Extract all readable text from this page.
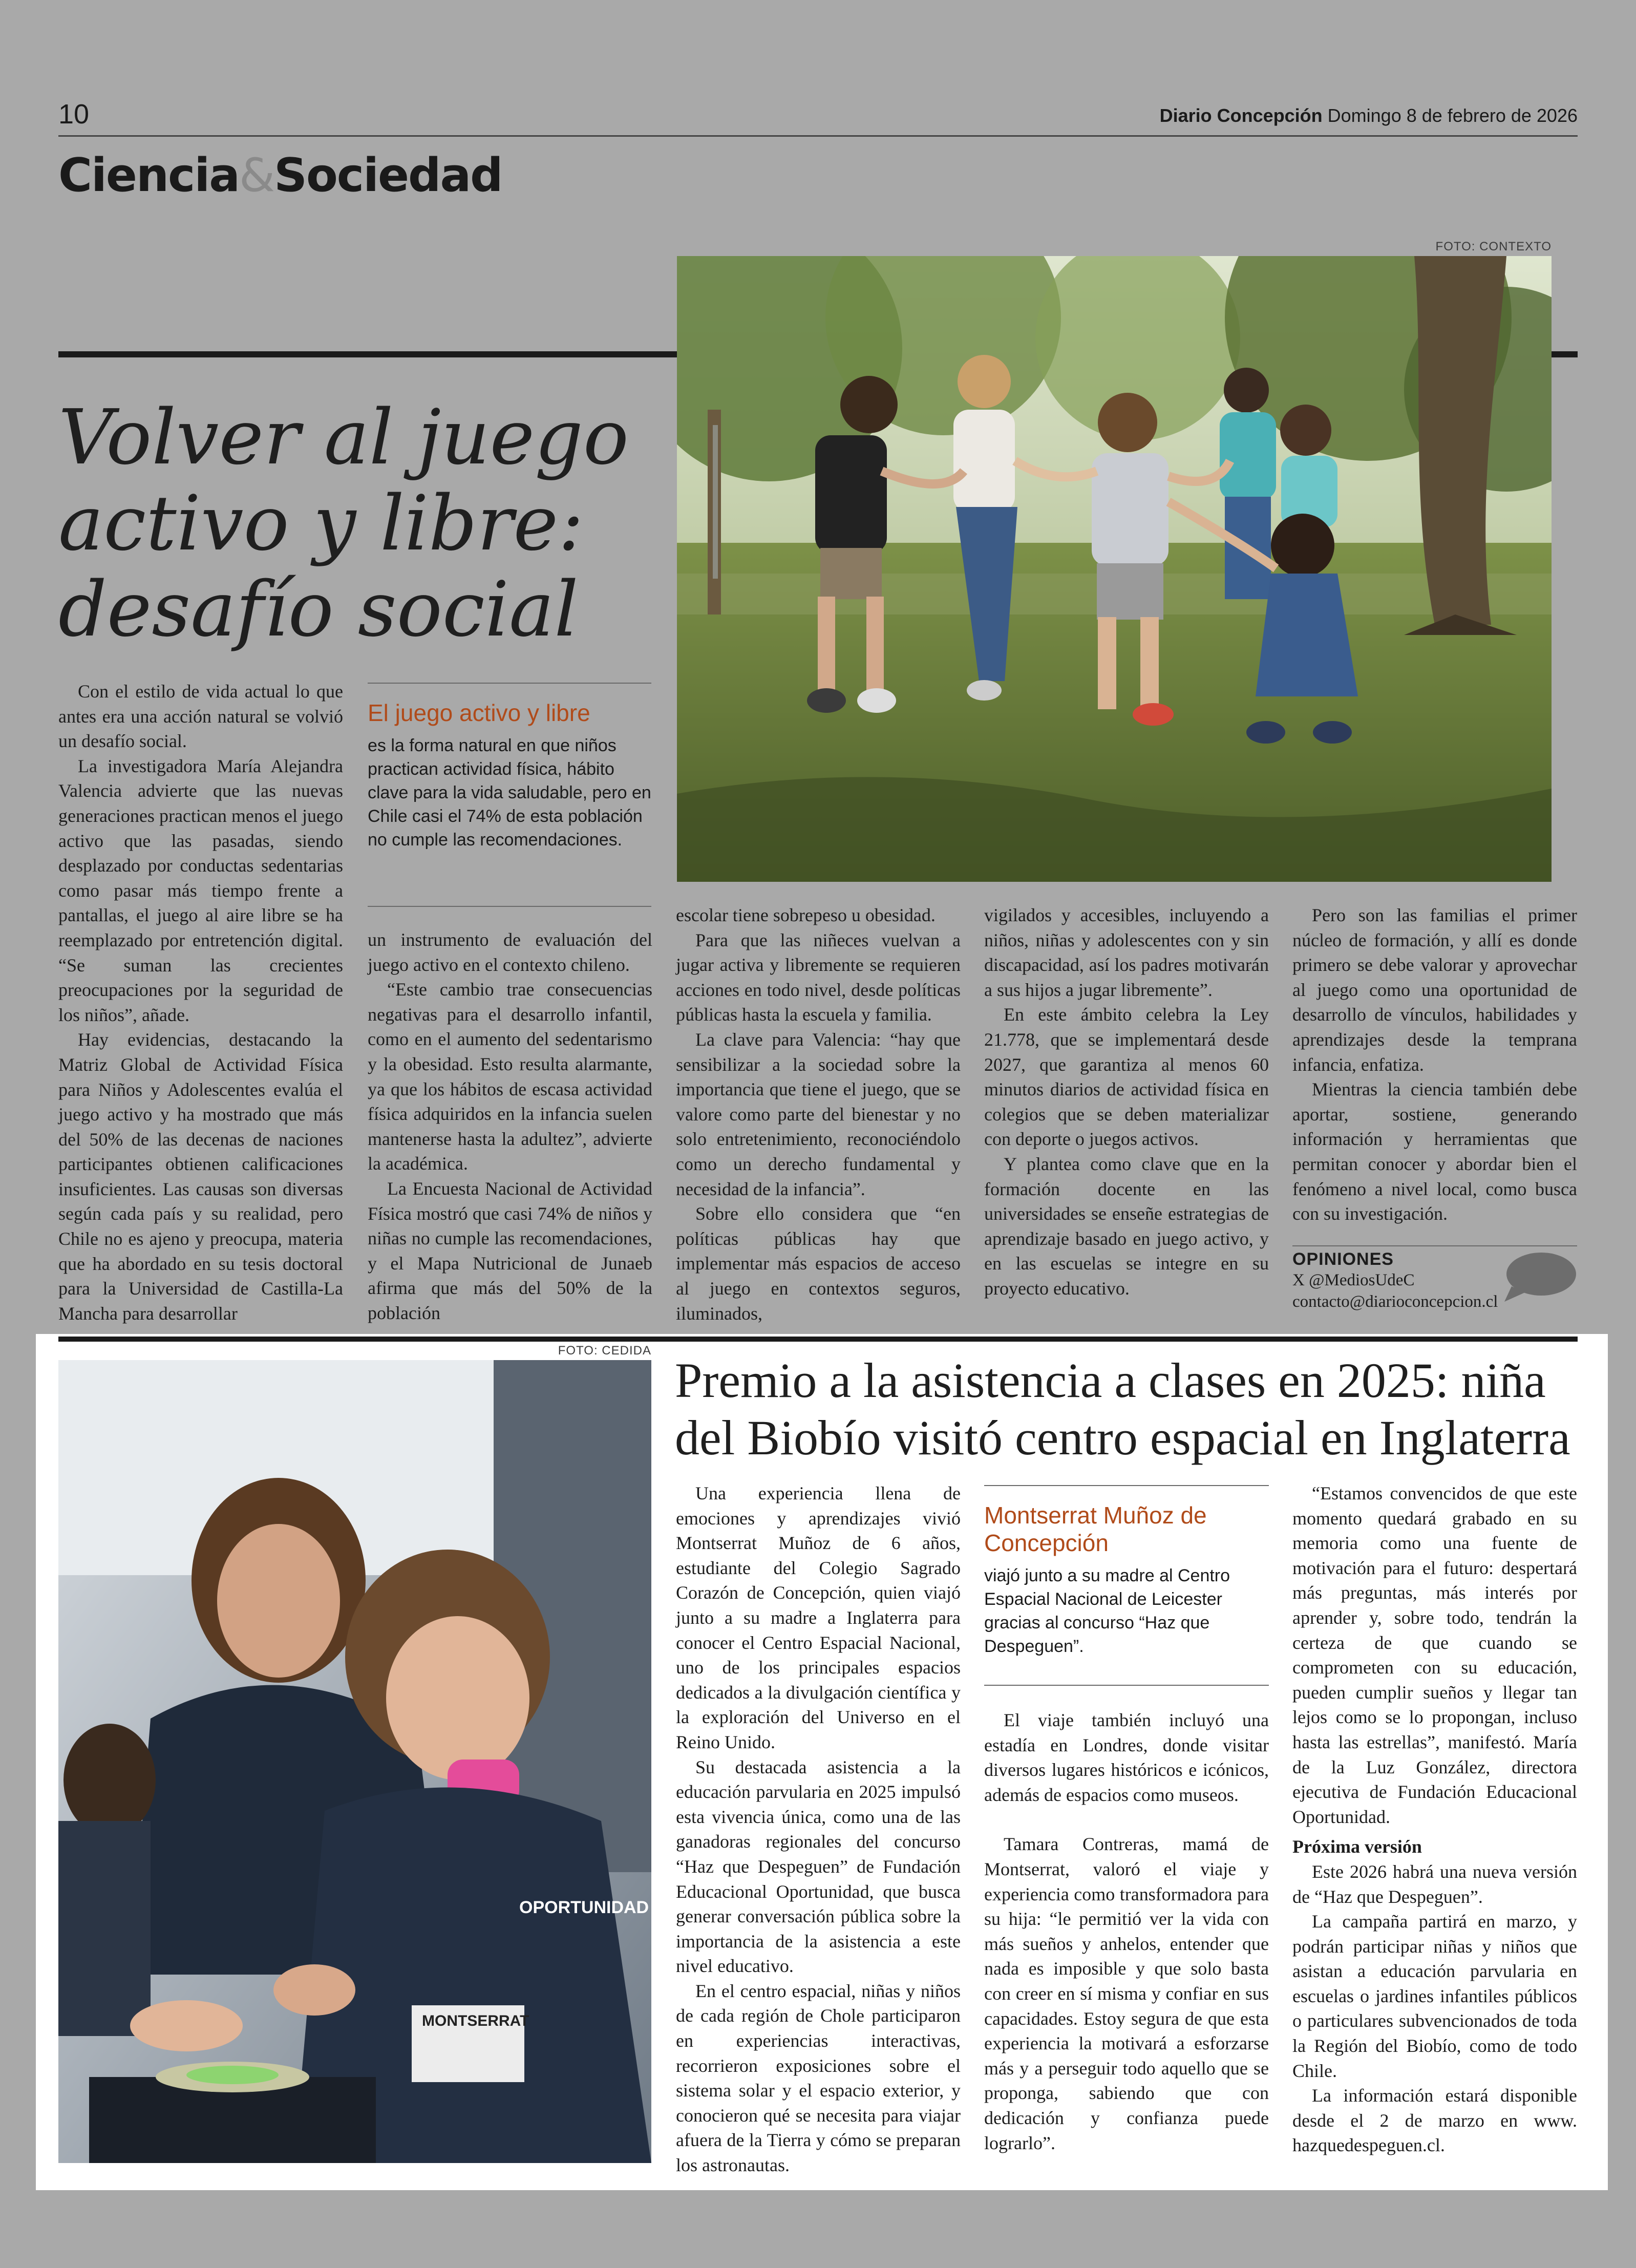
10	Diario Concepción Domingo 8 de febrero de 2026
Ciencia&Sociedad
FOTO: CONTEXTO
Volver al juego activo y libre: desafío social

Con el estilo de vida actual lo que antes era una acción natural se volvió un desafío social.

La investigadora María Alejandra Valencia advierte que las nuevas generaciones practican menos el juego activo que las pasadas, siendo desplazado por conductas sedentarias como pasar más tiempo frente a pantallas, el juego al aire libre se ha reemplazado por entretención digital. “Se suman las crecientes preocupaciones por la seguridad de los niños”, añade.

Hay evidencias, destacando la Matriz Global de Actividad Física para Niños y Adolescentes evalúa el juego activo y ha mostrado que más del 50% de las decenas de naciones participantes obtienen calificaciones insuficientes. Las causas son diversas según cada país y su realidad, pero Chile no es ajeno y preocupa, materia que ha abordado en su tesis doctoral para la Universidad de Castilla-La Mancha para desarrollar

El juego activo y libre
es la forma natural en que niños practican actividad física, hábito clave para la vida saludable, pero en Chile casi el 74% de esta población no cumple las recomendaciones.

un instrumento de evaluación del juego activo en el contexto chileno.

“Este cambio trae consecuencias negativas para el desarrollo infantil, como en el aumento del sedentarismo y la obesidad. Esto resulta alarmante, ya que los hábitos de escasa actividad física adquiridos en la infancia suelen mantenerse hasta la adultez”, advierte la académica.

La Encuesta Nacional de Actividad Física mostró que casi 74% de niños y niñas no cumple las recomendaciones, y el Mapa Nutricional de Junaeb afirma que más del 50% de la población

escolar tiene sobrepeso u obesidad.

Para que las niñeces vuelvan a jugar activa y libremente se requieren acciones en todo nivel, desde políticas públicas hasta la escuela y familia.

La clave para Valencia: “hay que sensibilizar a la sociedad sobre la importancia que tiene el juego, que se valore como parte del bienestar y no solo entretenimiento, reconociéndolo como un derecho fundamental y necesidad de la infancia”.

Sobre ello considera que “en políticas públicas hay que implementar más espacios de acceso al juego en contextos seguros, iluminados,

vigilados y accesibles, incluyendo a niños, niñas y adolescentes con y sin discapacidad, así los padres motivarán a sus hijos a jugar libremente”.

En este ámbito celebra la Ley 21.778, que se implementará desde 2027, que garantiza al menos 60 minutos diarios de actividad física en colegios que se deben materializar con deporte o juegos activos.

Y plantea como clave que en la formación docente en las universidades se enseñe estrategias de aprendizaje basado en juego activo, y en las escuelas se integre en su proyecto educativo.

Pero son las familias el primer núcleo de formación, y allí es donde primero se debe valorar y aprovechar al juego como una oportunidad de desarrollo de vínculos, habilidades y aprendizajes desde la temprana infancia, enfatiza.

Mientras la ciencia también debe aportar, sostiene, generando información y herramientas que permitan conocer y abordar bien el fenómeno a nivel local, como busca con su investigación.

OPINIONES
X @MediosUdeC
contacto@diarioconcepcion.cl
FOTO: CEDIDA
MONTSERRAT
OPORTUNIDAD
Premio a la asistencia a clases en 2025: niña del Biobío visitó centro espacial en Inglaterra

Una experiencia llena de emociones y aprendizajes vivió Montserrat Muñoz de 6 años, estudiante del Colegio Sagrado Corazón de Concepción, quien viajó junto a su madre a Inglaterra para conocer el Centro Espacial Nacional, uno de los principales espacios dedicados a la divulgación científica y la exploración del Universo en el Reino Unido.

Su destacada asistencia a la educación parvularia en 2025 impulsó esta vivencia única, como una de las ganadoras regionales del concurso “Haz que Despeguen” de Fundación Educacional Oportunidad, que busca generar conversación pública sobre la importancia de la asistencia a este nivel educativo.

En el centro espacial, niñas y niños de cada región de Chole participaron en experiencias interactivas, recorrieron exposiciones sobre el sistema solar y el espacio exterior, y conocieron qué se necesita para viajar afuera de la Tierra y cómo se preparan los astronautas.

Montserrat Muñoz de Concepción
viajó junto a su madre al Centro Espacial Nacional de Leicester gracias al concurso “Haz que Despeguen”.

El viaje también incluyó una estadía en Londres, donde visitar diversos lugares históricos e icónicos, además de espacios como museos.

Tamara Contreras, mamá de Montserrat, valoró el viaje y experiencia como transformadora para su hija: “le permitió ver la vida con más sueños y anhelos, entender que nada es imposible y que solo basta con creer en sí misma y confiar en sus capacidades. Estoy segura de que esta experiencia la motivará a esforzarse más y a perseguir todo aquello que se proponga, sabiendo que con dedicación y confianza puede lograrlo”.

“Estamos convencidos de que este momento quedará grabado en su memoria como una fuente de motivación para el futuro: despertará más preguntas, más interés por aprender y, sobre todo, tendrán la certeza de que cuando se comprometen con su educación, pueden cumplir sueños y llegar tan lejos como se lo propongan, incluso hasta las estrellas”, manifestó. María de la Luz González, directora ejecutiva de Fundación Educacional Oportunidad.

Próxima versión

Este 2026 habrá una nueva versión de “Haz que Despeguen”.

La campaña partirá en marzo, y podrán participar niñas y niños que asistan a educación parvularia en escuelas o jardines infantiles públicos o particulares subvencionados de toda la Región del Biobío, como de todo Chile.

La información estará disponible desde el 2 de marzo en www. hazquedespeguen.cl.
